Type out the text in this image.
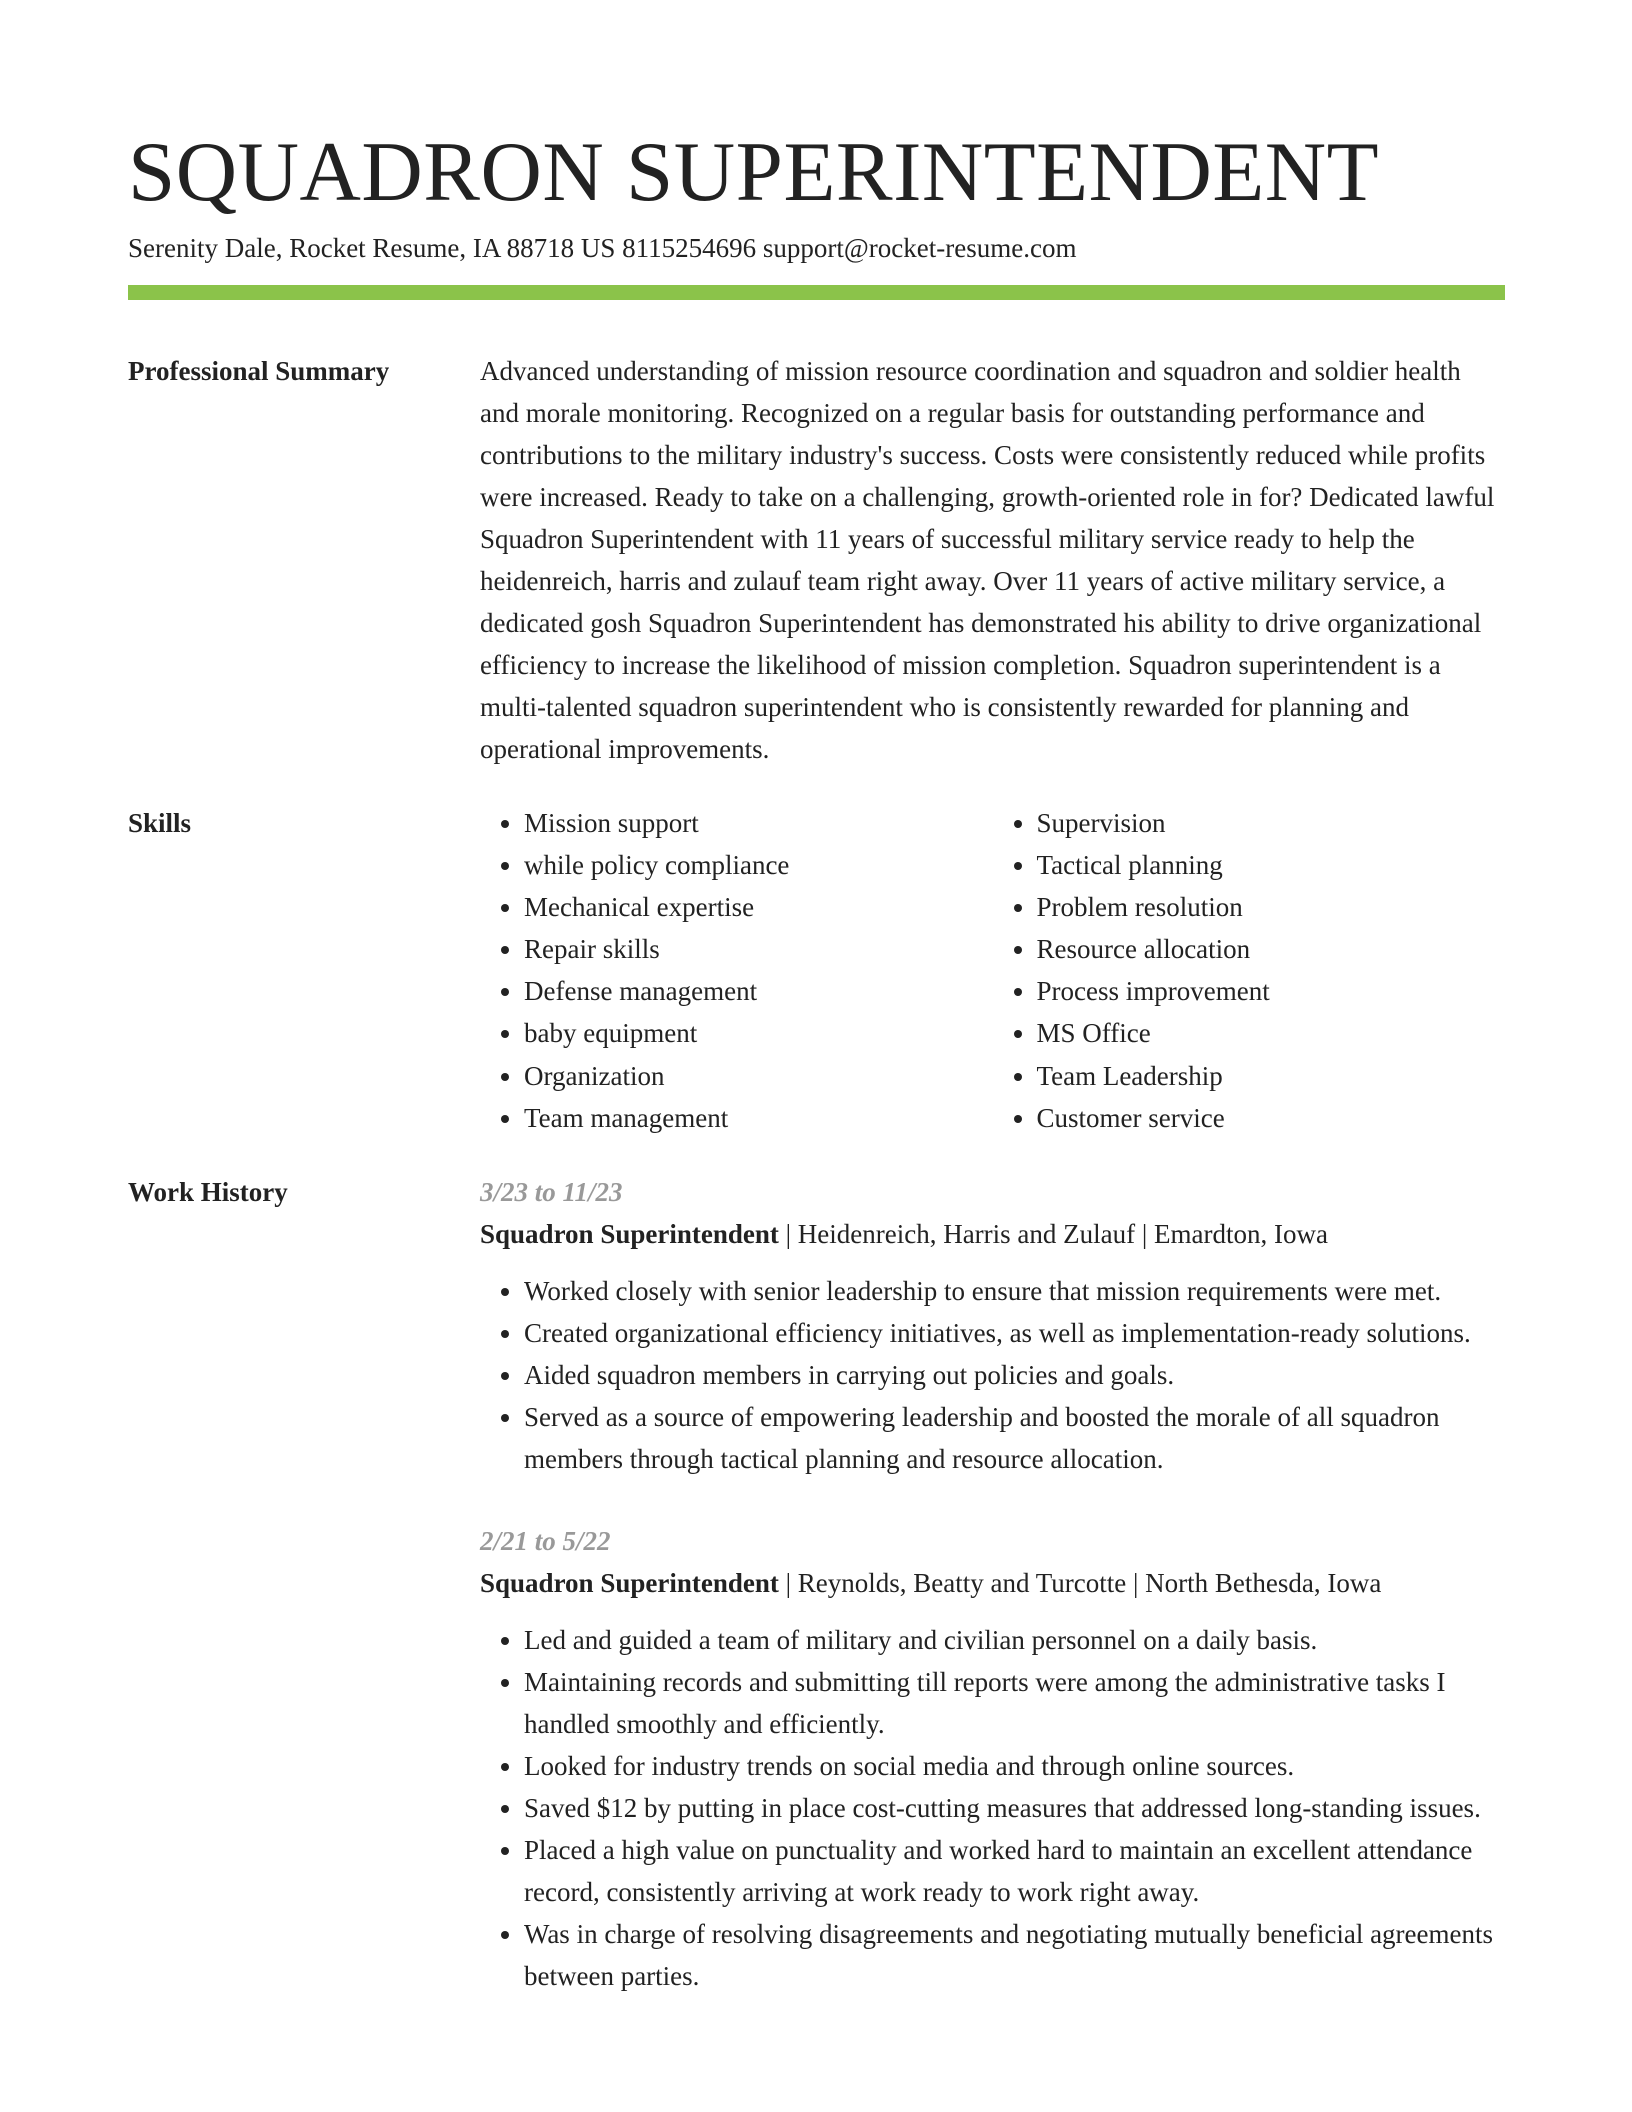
SQUADRON SUPERINTENDENT
Serenity Dale, Rocket Resume, IA 88718 US 8115254696 support@rocket-resume.com
Professional Summary	Advanced understanding of mission resource coordination and squadron and soldier health and morale monitoring. Recognized on a regular basis for outstanding performance and contributions to the military industry's success. Costs were consistently reduced while profits were increased. Ready to take on a challenging, growth-oriented role in for? Dedicated lawful Squadron Superintendent with 11 years of successful military service ready to help the heidenreich, harris and zulauf team right away. Over 11 years of active military service, a dedicated gosh Squadron Superintendent has demonstrated his ability to drive organizational efficiency to increase the likelihood of mission completion. Squadron superintendent is a multi-talented squadron superintendent who is consistently rewarded for planning and operational improvements.

Skills
•	Mission support
• while policy compliance
• Mechanical expertise
• Repair skills
• Defense management
• baby equipment
• Organization
• Team management
• Supervision
• Tactical planning
• Problem resolution
• Resource allocation
• Process improvement
• MS Office
• Team Leadership
• Customer service
Work History	3/23 to 11/23
Squadron Superintendent | Heidenreich, Harris and Zulauf | Emardton, Iowa
• Worked closely with senior leadership to ensure that mission requirements were met.
• Created organizational efficiency initiatives, as well as implementation-ready solutions.
• Aided squadron members in carrying out policies and goals.
• Served as a source of empowering leadership and boosted the morale of all squadron members through tactical planning and resource allocation.
2/21 to 5/22
Squadron Superintendent | Reynolds, Beatty and Turcotte | North Bethesda, Iowa
• Led and guided a team of military and civilian personnel on a daily basis.
• Maintaining records and submitting till reports were among the administrative tasks I handled smoothly and efficiently.
• Looked for industry trends on social media and through online sources.
• Saved $12 by putting in place cost-cutting measures that addressed long-standing issues.
• Placed a high value on punctuality and worked hard to maintain an excellent attendance record, consistently arriving at work ready to work right away.
• Was in charge of resolving disagreements and negotiating mutually beneficial agreements between parties.
